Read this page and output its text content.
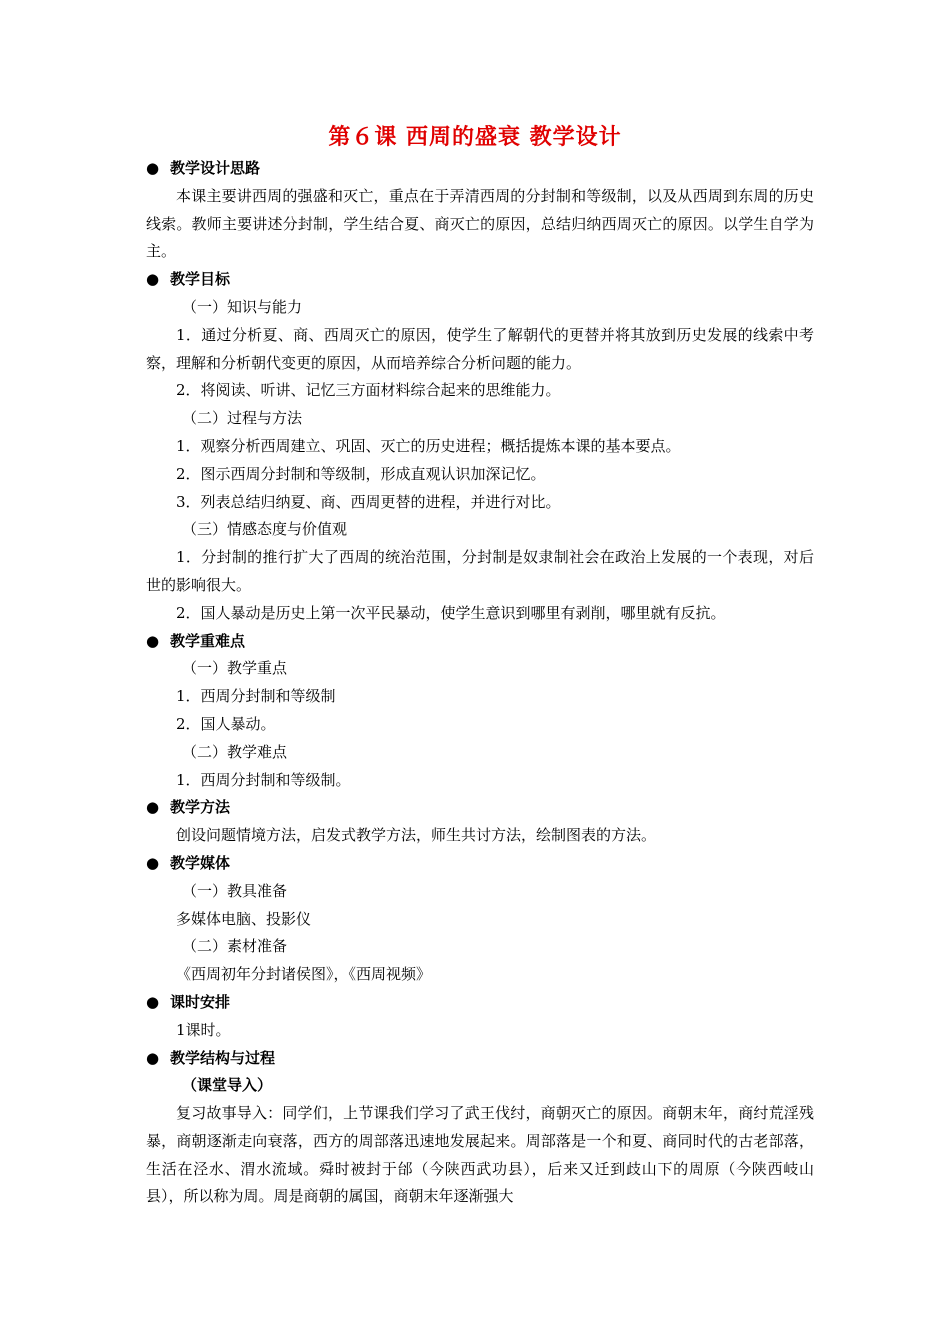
第６课 西周的盛衰 教学设计

● 教学设计思路

本课主要讲西周的强盛和灭亡，重点在于弄清西周的分封制和等级制，以及从西周到东周的历史线索。教师主要讲述分封制，学生结合夏、商灭亡的原因，总结归纳西周灭亡的原因。以学生自学为主。

● 教学目标

（一）知识与能力

1．通过分析夏、商、西周灭亡的原因，使学生了解朝代的更替并将其放到历史发展的线索中考察，理解和分析朝代变更的原因，从而培养综合分析问题的能力。

2．将阅读、听讲、记忆三方面材料综合起来的思维能力。

（二）过程与方法

1．观察分析西周建立、巩固、灭亡的历史进程；概括提炼本课的基本要点。

2．图示西周分封制和等级制，形成直观认识加深记忆。

3．列表总结归纳夏、商、西周更替的进程，并进行对比。

（三）情感态度与价值观

1．分封制的推行扩大了西周的统治范围，分封制是奴隶制社会在政治上发展的一个表现，对后世的影响很大。

2．国人暴动是历史上第一次平民暴动，使学生意识到哪里有剥削，哪里就有反抗。

● 教学重难点

（一）教学重点

1．西周分封制和等级制

2．国人暴动。

（二）教学难点

1．西周分封制和等级制。

● 教学方法

创设问题情境方法，启发式教学方法，师生共讨方法，绘制图表的方法。

● 教学媒体

（一）教具准备

多媒体电脑、投影仪

（二）素材准备

《西周初年分封诸侯图》，《西周视频》

● 课时安排

1课时。

● 教学结构与过程

（课堂导入）

复习故事导入：同学们，上节课我们学习了武王伐纣，商朝灭亡的原因。商朝末年，商纣荒淫残暴，商朝逐渐走向衰落，西方的周部落迅速地发展起来。周部落是一个和夏、商同时代的古老部落，生活在泾水、渭水流域。舜时被封于邰（今陕西武功县），后来又迁到歧山下的周原（今陕西岐山县），所以称为周。周是商朝的属国，商朝末年逐渐强大
